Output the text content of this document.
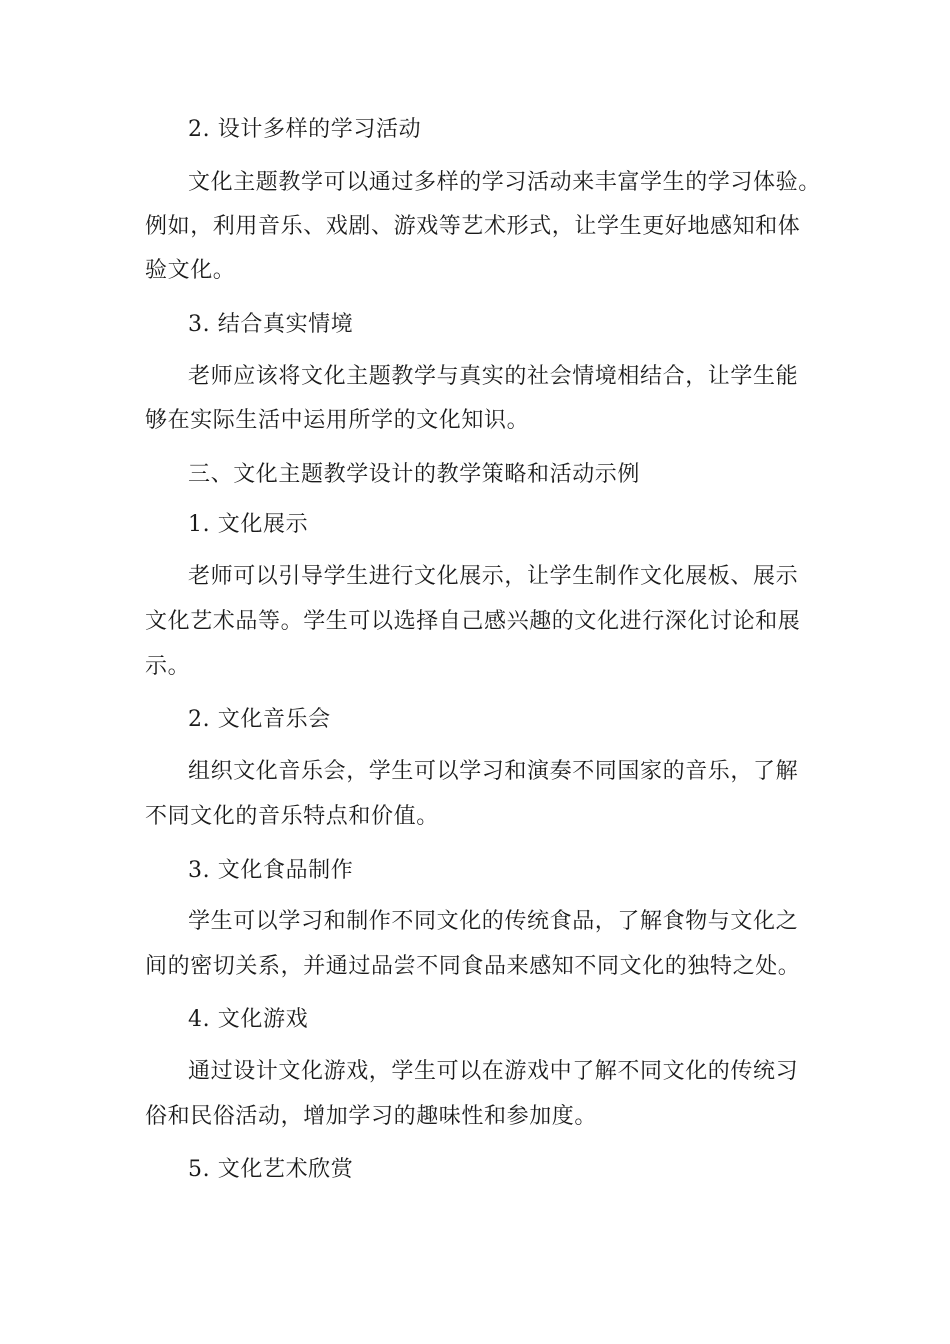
2. 设计多样的学习活动
文化主题教学可以通过多样的学习活动来丰富学生的学习体验。
例如，利用音乐、戏剧、游戏等艺术形式，让学生更好地感知和体
验文化。
3. 结合真实情境
老师应该将文化主题教学与真实的社会情境相结合，让学生能
够在实际生活中运用所学的文化知识。
三、文化主题教学设计的教学策略和活动示例
1. 文化展示
老师可以引导学生进行文化展示，让学生制作文化展板、展示
文化艺术品等。学生可以选择自己感兴趣的文化进行深化讨论和展
示。
2. 文化音乐会
组织文化音乐会，学生可以学习和演奏不同国家的音乐，了解
不同文化的音乐特点和价值。
3. 文化食品制作
学生可以学习和制作不同文化的传统食品，了解食物与文化之
间的密切关系，并通过品尝不同食品来感知不同文化的独特之处。
4. 文化游戏
通过设计文化游戏，学生可以在游戏中了解不同文化的传统习
俗和民俗活动，增加学习的趣味性和参加度。
5. 文化艺术欣赏
